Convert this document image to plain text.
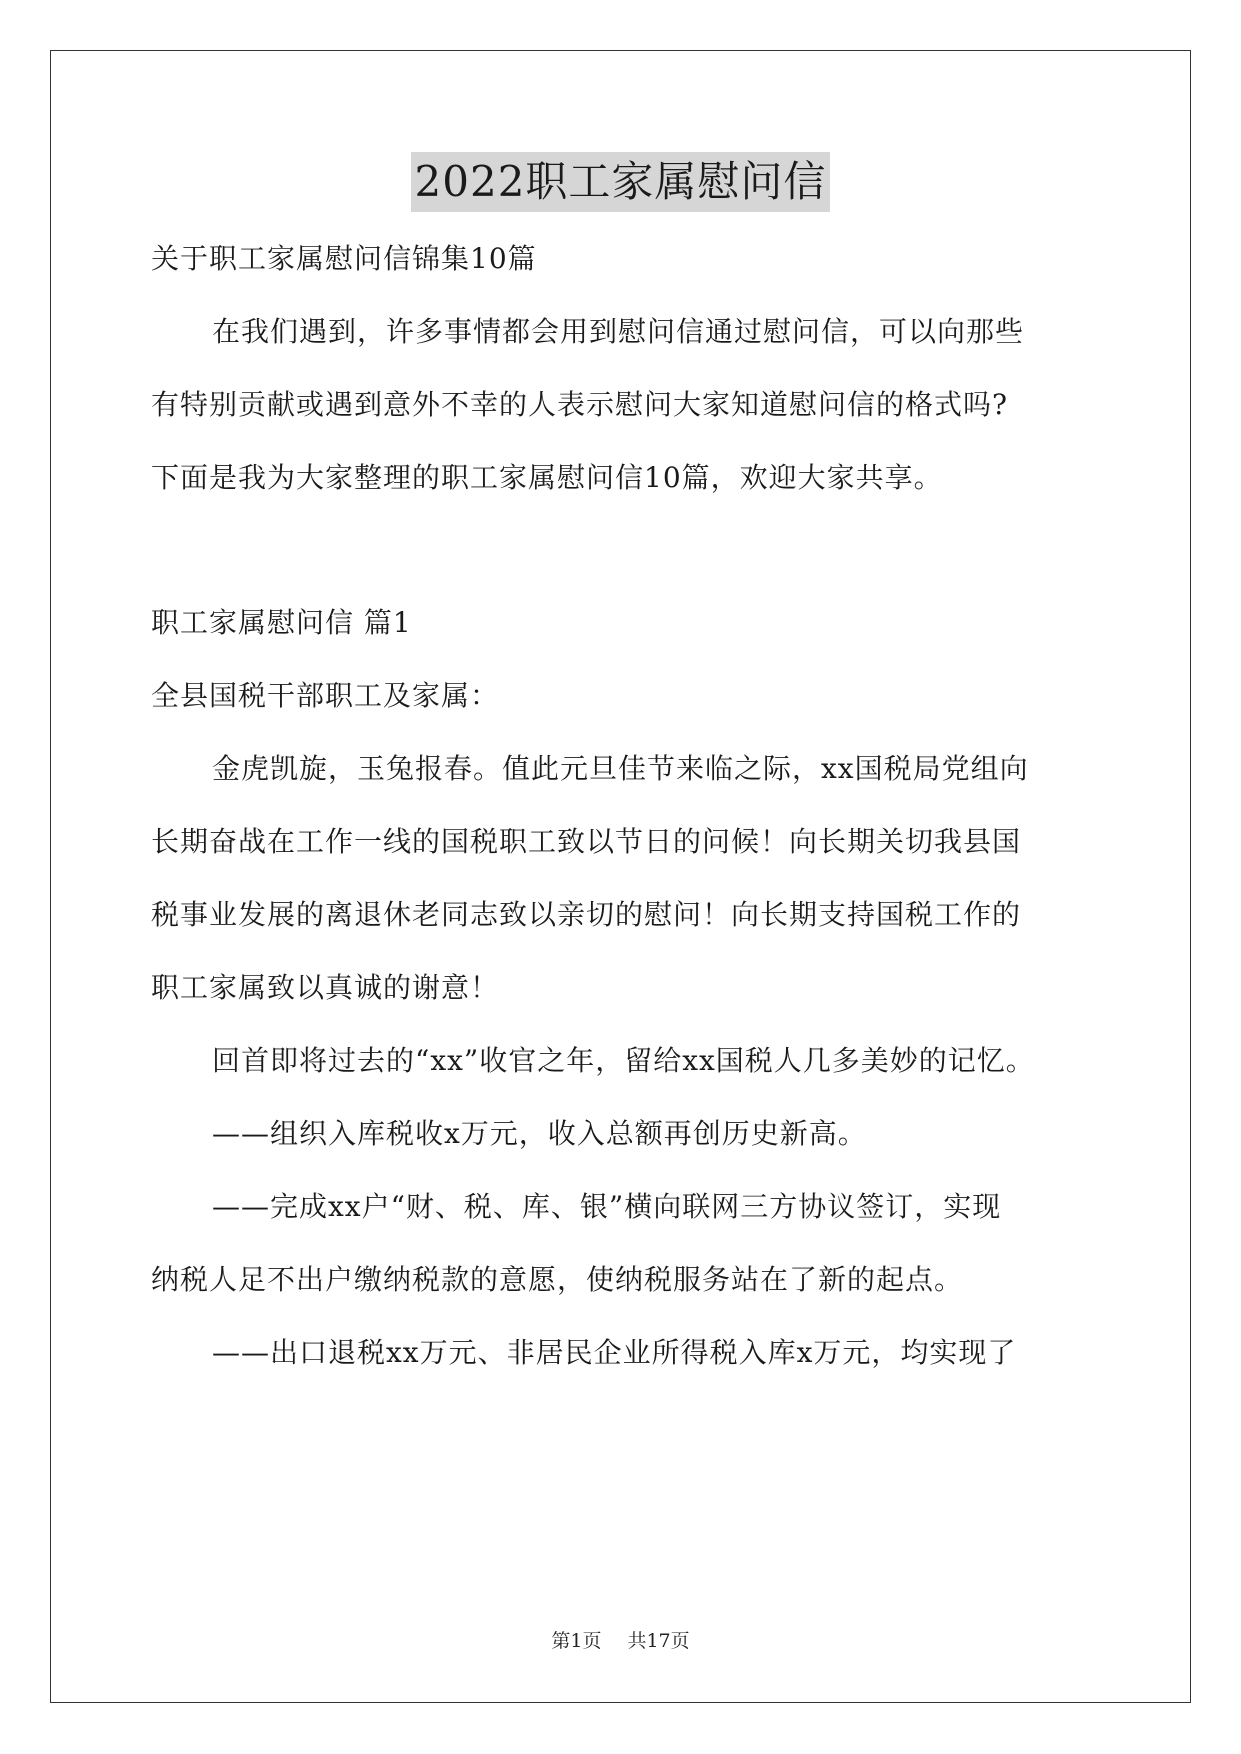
2022职工家属慰问信
关于职工家属慰问信锦集10篇
在我们遇到，许多事情都会用到慰问信通过慰问信，可以向那些
有特别贡献或遇到意外不幸的人表示慰问大家知道慰问信的格式吗?
下面是我为大家整理的职工家属慰问信10篇，欢迎大家共享。
职工家属慰问信 篇1
全县国税干部职工及家属：
金虎凯旋，玉兔报春。值此元旦佳节来临之际，xx国税局党组向
长期奋战在工作一线的国税职工致以节日的问候！向长期关切我县国
税事业发展的离退休老同志致以亲切的慰问！向长期支持国税工作的
职工家属致以真诚的谢意！
回首即将过去的“xx”收官之年，留给xx国税人几多美妙的记忆。
——组织入库税收x万元，收入总额再创历史新高。
——完成xx户“财、税、库、银”横向联网三方协议签订，实现
纳税人足不出户缴纳税款的意愿，使纳税服务站在了新的起点。
——出口退税xx万元、非居民企业所得税入库x万元，均实现了
第1页 共17页
